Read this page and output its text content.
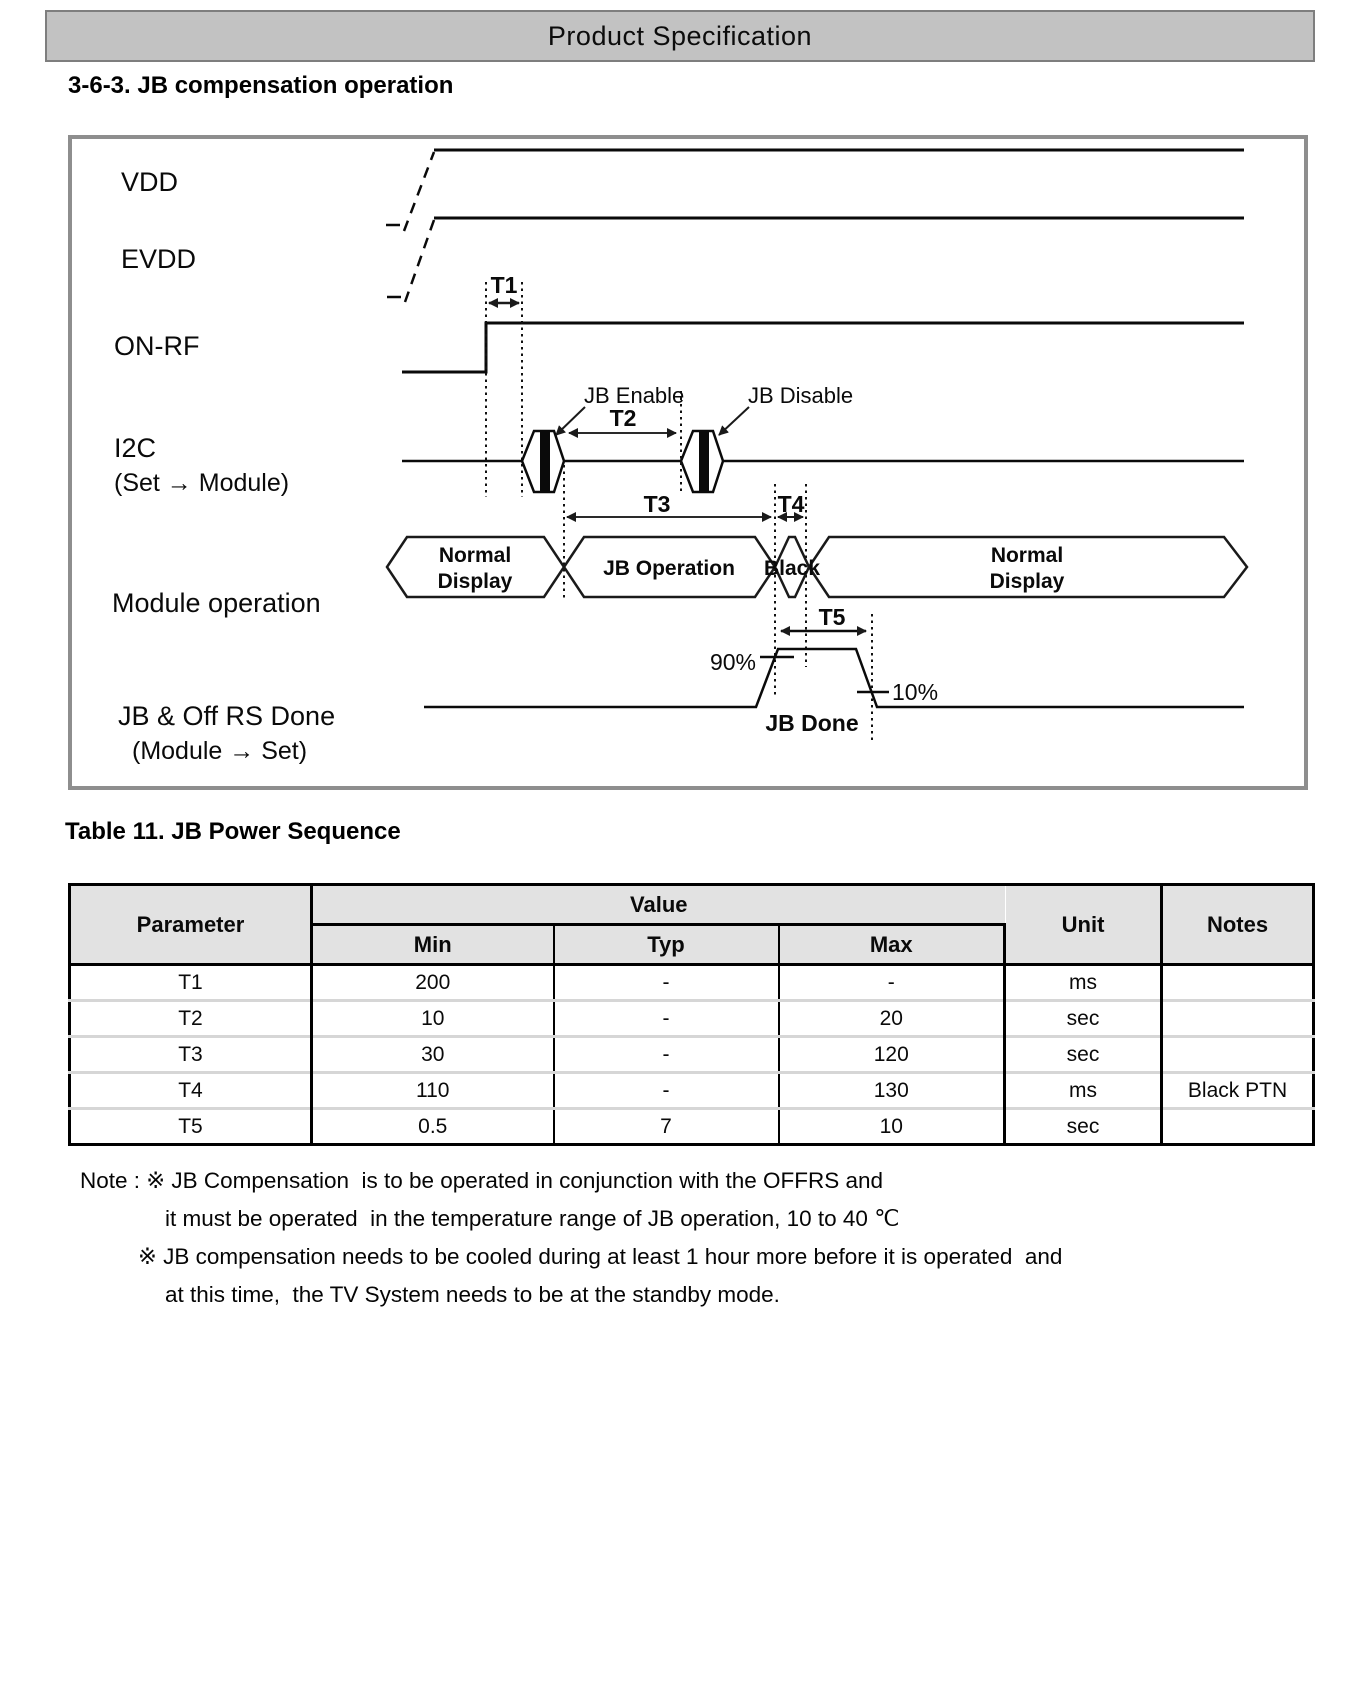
Product Specification
3-6-3. JB compensation operation
VDD
EVDD
ON-RF
I2C
(Set → Module)
Module operation
JB & Off RS Done
(Module → Set)
T1
JB Enable	JB Disable
T2
T3	T4
Normal
Display
JB Operation Black
Normal
Display
T5
90%
10%
JB Done
Table 11. JB Power Sequence
Parameter	Value			Unit	Notes
	Min	Typ	Max		
T1	200	-	-	ms	
T2	10	-	20	sec	
T3	30	-	120	sec	
T4	110	-	130	ms	Black PTN
T5	0.5	7	10	sec	
Note : ※ JB Compensation  is to be operated in conjunction with the OFFRS and
it must be operated  in the temperature range of JB operation, 10 to 40 ℃
※ JB compensation needs to be cooled during at least 1 hour more before it is operated  and
at this time,  the TV System needs to be at the standby mode.
